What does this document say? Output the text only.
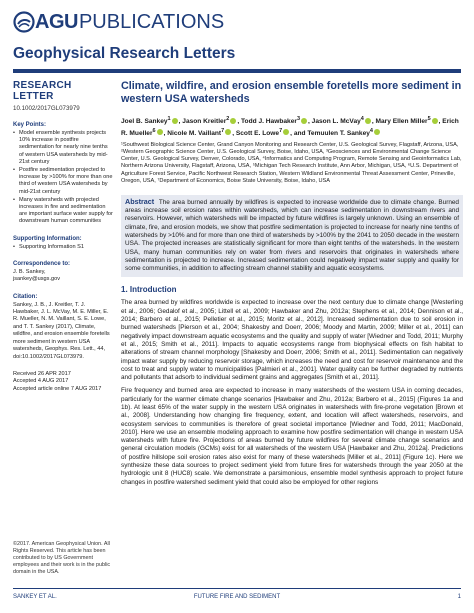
AGU PUBLICATIONS
Geophysical Research Letters
RESEARCH LETTER
10.1002/2017GL073979
Key Points:
• Model ensemble synthesis projects 10% increase in postfire sedimentation for nearly nine tenths of western USA watersheds by mid-21st century
• Postfire sedimentation projected to increase by >100% for more than one third of western USA watersheds by mid-21st century
• Many watersheds with projected increases in fire and sedimentation are important surface water supply for downstream human communities
Supporting Information:
• Supporting Information S1
Correspondence to:
J. B. Sankey,
jsankey@usgs.gov
Citation:
Sankey, J. B., J. Kreitler, T. J. Hawbaker, J. L. McVay, M. E. Miller, E. R. Mueller, N. M. Vaillant, S. E. Lowe, and T. T. Sankey (2017), Climate, wildfire, and erosion ensemble foretells more sediment in western USA watersheds, Geophys. Res. Lett., 44, doi:10.1002/2017GL073979.
Received 26 APR 2017
Accepted 4 AUG 2017
Accepted article online 7 AUG 2017
©2017. American Geophysical Union. All Rights Reserved. This article has been contributed to by US Government employees and their work is in the public domain in the USA.
Climate, wildfire, and erosion ensemble foretells more sediment in western USA watersheds
Joel B. Sankey$^1$ , Jason Kreitler$^2$ , Todd J. Hawbaker$^3$ , Jason L. McVay$^4$ , Mary Ellen Miller$^5$ , Erich R. Mueller$^6$ , Nicole M. Vaillant$^7$ , Scott E. Lowe$^7$ , and Temuulen T. Sankey$^4$

¹Southwest Biological Science Center, Grand Canyon Monitoring and Research Center, U.S. Geological Survey, Flagstaff, Arizona, USA, ²Western Geographic Science Center, U.S. Geological Survey, Boise, Idaho, USA, ³Geosciences and Environmental Change Science Center, U.S. Geological Survey, Denver, Colorado, USA, ⁴Informatics and Computing Program, Remote Sensing and Geoinformatics Lab, Northern Arizona University, Flagstaff, Arizona, USA, ⁵Michigan Tech Research Institute, Ann Arbor, Michigan, USA, ⁶U.S. Department of Agriculture Forest Service, Pacific Northwest Research Station, Western Wildland Environmental Threat Assessment Center, Prineville, Oregon, USA, ⁷Department of Economics, Boise State University, Boise, Idaho, USA

Abstract The area burned annually by wildfires is expected to increase worldwide due to climate change. Burned areas increase soil erosion rates within watersheds, which can increase sedimentation in downstream rivers and reservoirs. However, which watersheds will be impacted by future wildfires is largely unknown. Using an ensemble of climate, fire, and erosion models, we show that postfire sedimentation is projected to increase for nearly nine tenths of watersheds by >10% and for more than one third of watersheds by >100% by the 2041 to 2050 decade in the western USA. The projected increases are statistically significant for more than eight tenths of the watersheds. In the western USA, many human communities rely on water from rivers and reservoirs that originates in watersheds where sedimentation is projected to increase. Increased sedimentation could negatively impact water supply and quality for some communities, in addition to affecting stream channel stability and aquatic ecosystems.

1. Introduction

The area burned by wildfires worldwide is expected to increase over the next century due to climate change [Westerling et al., 2006; Gedalof et al., 2005; Littell et al., 2009; Hawbaker and Zhu, 2012a; Stephens et al., 2014; Dennison et al., 2014; Barbero et al., 2015; Pelletier et al., 2015; Moritz et al., 2012]. Increased sedimentation due to soil erosion in burned watersheds [Pierson et al., 2004; Shakesby and Doerr, 2006; Moody and Martin, 2009; Miller et al., 2011] can negatively impact downstream aquatic ecosystems and the quality and supply of water [Wiedner and Todd, 2011; Murphy et al., 2015; Smith et al., 2011]. Impacts to aquatic ecosystems range from biophysical effects on fish habitat to alterations of stream channel morphology [Shakesby and Doerr, 2006; Smith et al., 2011]. Sedimentation can negatively impact water supply by reducing reservoir storage, which increases the need and cost for reservoir maintenance and the cost to treat and supply water to municipalities [Palmieri et al., 2001]. Water quality can be further degraded by nutrients and pollutants that adsorb to individual sediment grains and aggregates [Smith et al., 2011].

Fire frequency and burned area are expected to increase in many watersheds of the western USA in coming decades, particularly for the warmer climate change scenarios [Hawbaker and Zhu, 2012a; Barbero et al., 2015] (Figures 1a and 1b). At least 65% of the water supply in the western USA originates in watersheds with fire-prone vegetation [Brown et al., 2008]. Understanding how changing fire frequency, extent, and location will affect watersheds, reservoirs, and ecosystem services to communities is therefore of great societal importance [Wiedner and Todd, 2011; MacDonald, 2010]. Here we use an ensemble modeling approach to examine how postfire sedimentation will change in western USA watersheds with future fire. Projections of areas burned by future wildfires for several climate change scenarios and general circulation models (GCMs) exist for all watersheds of the western USA [Hawbaker and Zhu, 2012a]. Predictions of postfire hillslope soil erosion rates also exist for many of these watersheds [Miller et al., 2011] (Figure 1c). Here we synthesize these data sources to project sediment yield from future fires for watersheds through the year 2050 at the hydrologic unit 8 (HUC8) scale. We demonstrate a parsimonious, ensemble model synthesis approach to project future changes in postfire watershed sediment yield that could also be employed for other regions

SANKEY ET AL.	FUTURE FIRE AND SEDIMENT	1
